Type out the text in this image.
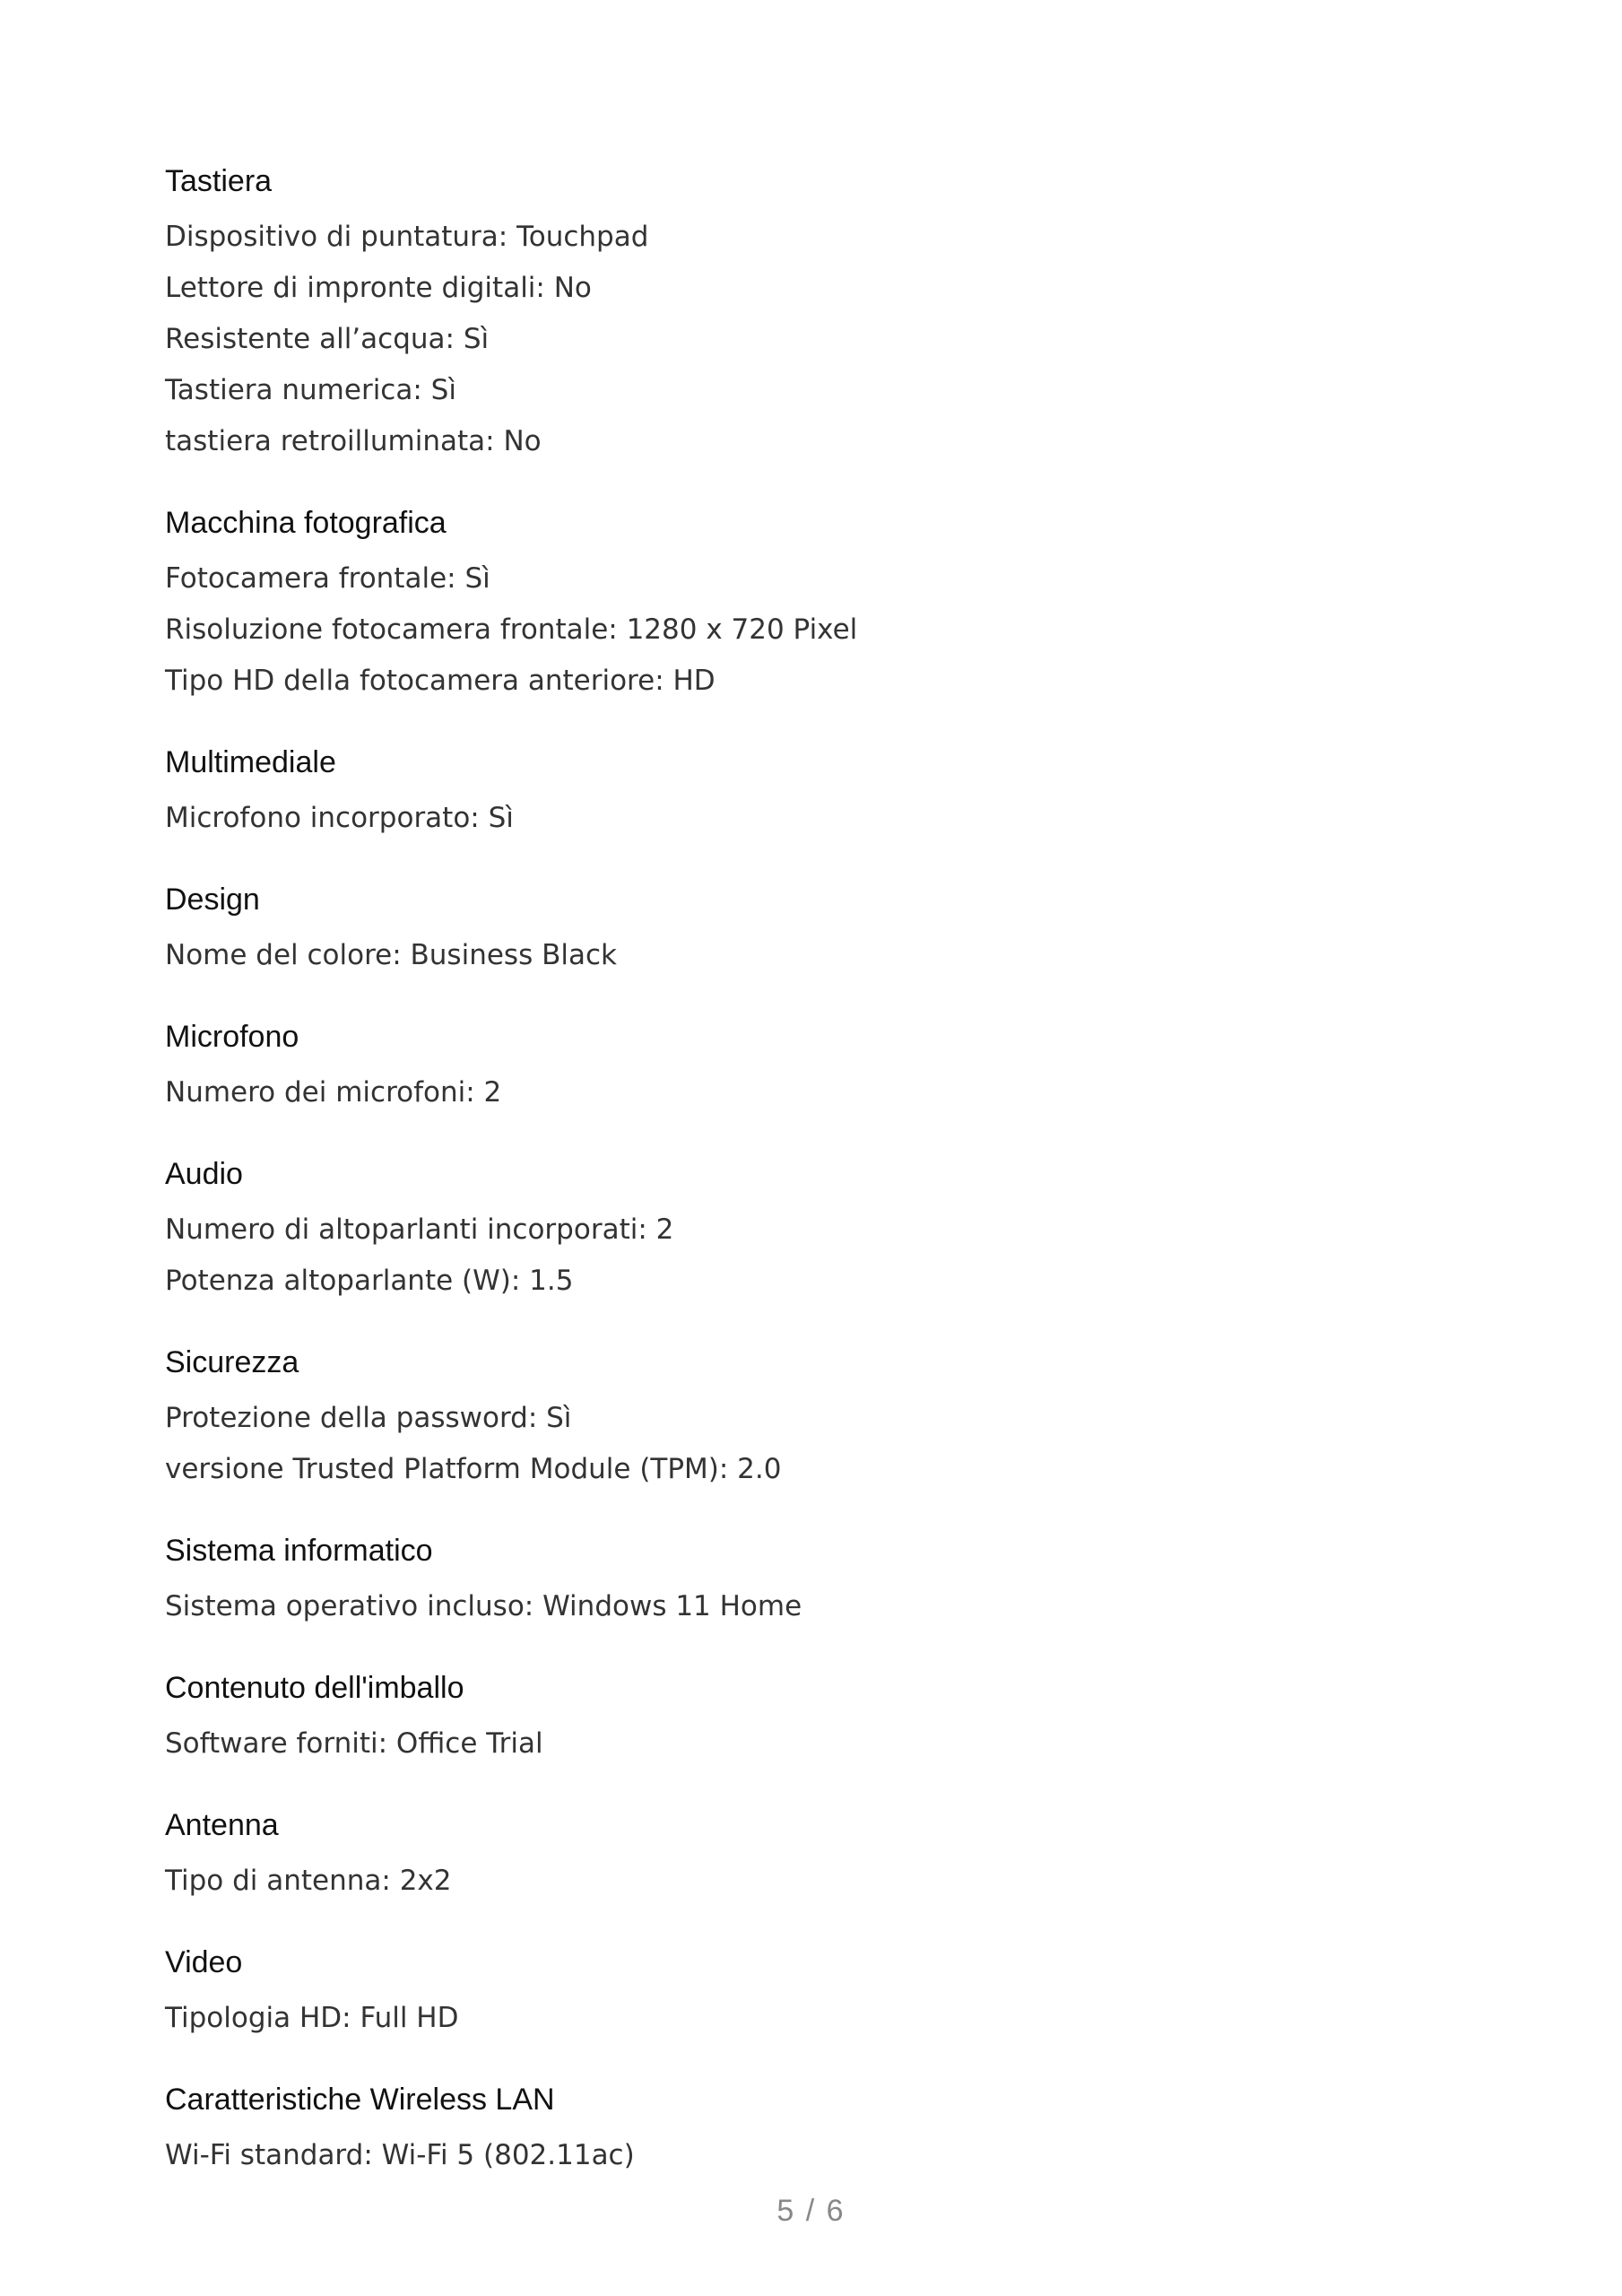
Tastiera
Dispositivo di puntatura: Touchpad
Lettore di impronte digitali: No
Resistente all’acqua: Sì
Tastiera numerica: Sì
tastiera retroilluminata: No
Macchina fotografica
Fotocamera frontale: Sì
Risoluzione fotocamera frontale: 1280 x 720 Pixel
Tipo HD della fotocamera anteriore: HD
Multimediale
Microfono incorporato: Sì
Design
Nome del colore: Business Black
Microfono
Numero dei microfoni: 2
Audio
Numero di altoparlanti incorporati: 2
Potenza altoparlante (W): 1.5
Sicurezza
Protezione della password: Sì
versione Trusted Platform Module (TPM): 2.0
Sistema informatico
Sistema operativo incluso: Windows 11 Home
Contenuto dell'imballo
Software forniti: Office Trial
Antenna
Tipo di antenna: 2x2
Video
Tipologia HD: Full HD
Caratteristiche Wireless LAN
Wi-Fi standard: Wi-Fi 5 (802.11ac)
5 / 6
